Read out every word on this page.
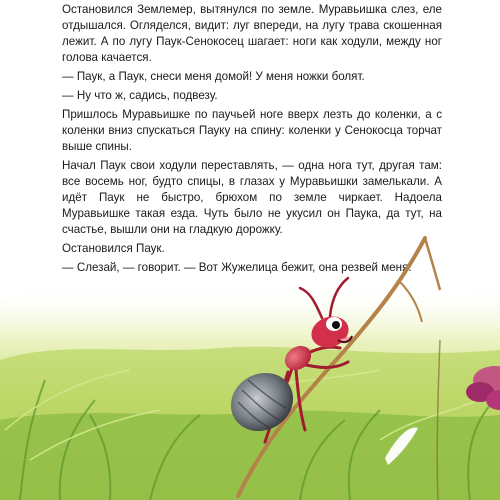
Остановился Землемер, вытянулся по земле. Муравьишка слез, еле отдышался. Огляделся, видит: луг впереди, на лугу трава скошенная лежит. А по лугу Паук-Сенокосец шагает: ноги как ходули, между ног голова качается.

— Паук, а Паук, снеси меня домой! У меня ножки болят.

— Ну что ж, садись, подвезу.

Пришлось Муравьишке по паучьей ноге вверх лезть до коленки, а с коленки вниз спускаться Пауку на спину: коленки у Сенокосца торчат выше спины.

Начал Паук свои ходули переставлять, — одна нога тут, другая там: все восемь ног, будто спицы, в глазах у Муравьишки замелькали. А идёт Паук не быстро, брюхом по земле чиркает. Надоела Муравьишке такая езда. Чуть было не укусил он Паука, да тут, на счастье, вышли они на гладкую дорожку.

Остановился Паук.

— Слезай, — говорит. — Вот Жужелица бежит, она резвей меня.
